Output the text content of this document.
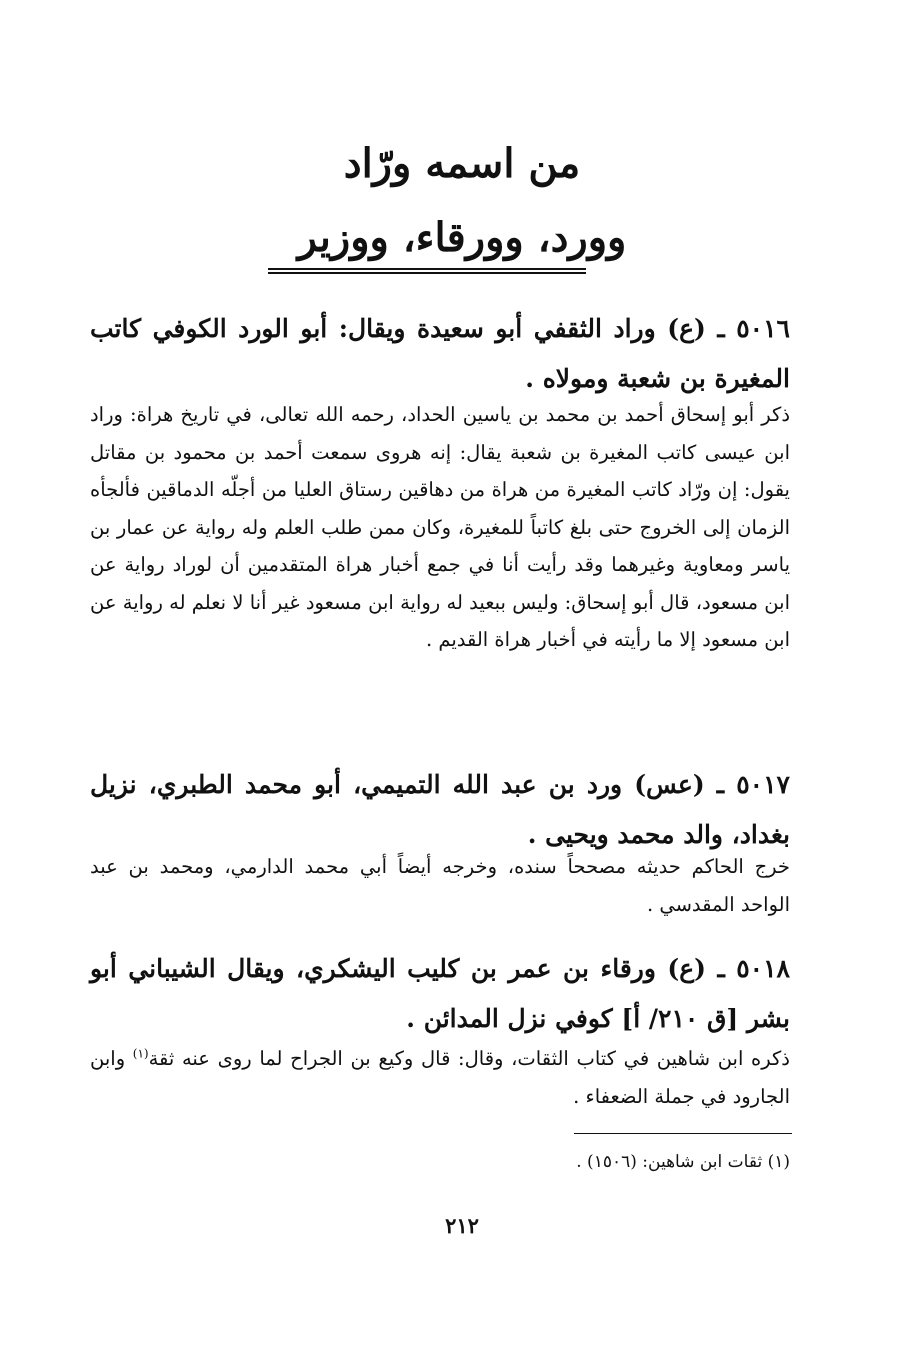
من اسمه ورّاد
وورد، وورقاء، ووزير
٥٠١٦ ـ (ع) وراد الثقفي أبو سعيدة ويقال: أبو الورد الكوفي كاتب المغيرة بن شعبة ومولاه .
ذكر أبو إسحاق أحمد بن محمد بن ياسين الحداد، رحمه الله تعالى، في تاريخ هراة: وراد ابن عيسى كاتب المغيرة بن شعبة يقال: إنه هروى سمعت أحمد بن محمود بن مقاتل يقول: إن ورّاد كاتب المغيرة من هراة من دهاقين رستاق العليا من أجلّه الدماقين فألجأه الزمان إلى الخروج حتى بلغ كاتباً للمغيرة، وكان ممن طلب العلم وله رواية عن عمار بن ياسر ومعاوية وغيرهما وقد رأيت أنا في جمع أخبار هراة المتقدمين أن لوراد رواية عن ابن مسعود، قال أبو إسحاق: وليس ببعيد له رواية ابن مسعود غير أنا لا نعلم له رواية عن ابن مسعود إلا ما رأيته في أخبار هراة القديم .
٥٠١٧ ـ (عس) ورد بن عبد الله التميمي، أبو محمد الطبري، نزيل بغداد، والد محمد ويحيى .
خرج الحاكم حديثه مصححاً سنده، وخرجه أيضاً أبي محمد الدارمي، ومحمد بن عبد الواحد المقدسي .
٥٠١٨ ـ (ع) ورقاء بن عمر بن كليب اليشكري، ويقال الشيباني أبو بشر [ق ٢١٠/ أ] كوفي نزل المدائن .
ذكره ابن شاهين في كتاب الثقات، وقال: قال وكيع بن الجراح لما روى عنه ثقة$^{(١)}$ وابن الجارود في جملة الضعفاء .
(١) ثقات ابن شاهين: (١٥٠٦) .
٢١٢
